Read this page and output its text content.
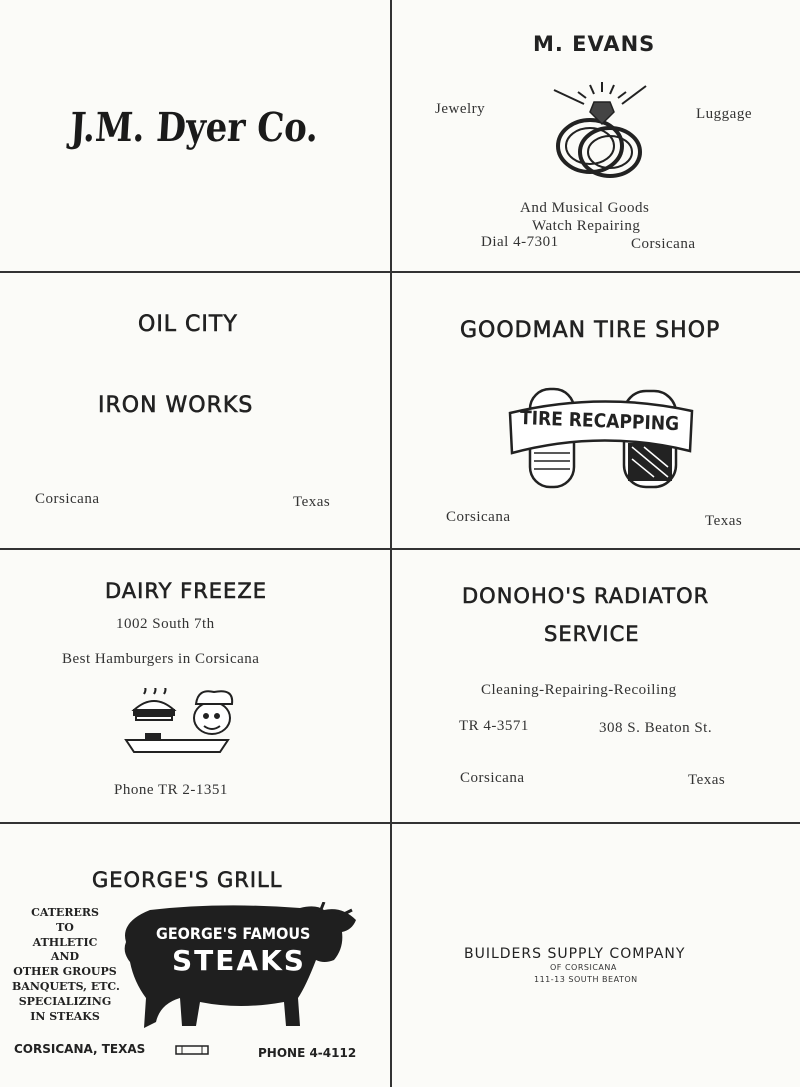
J.M. Dyer Co.
M. EVANS
Jewelry	Luggage
And Musical Goods
Watch Repairing
Dial 4-7301	Corsicana
OIL CITY
IRON WORKS
Corsicana	Texas
GOODMAN TIRE SHOP
TIRE RECAPPING
Corsicana	Texas
DAIRY FREEZE
1002 South 7th
Best Hamburgers in Corsicana
Phone TR 2-1351
DONOHO'S RADIATOR
SERVICE
Cleaning-Repairing-Recoiling
TR 4-3571	308 S. Beaton St.
Corsicana	Texas
GEORGE'S GRILL
CATERERS
TO
ATHLETIC
AND
OTHER GROUPS
BANQUETS, ETC.
SPECIALIZING
IN STEAKS
GEORGE'S FAMOUS
STEAKS
CORSICANA, TEXAS	PHONE 4-4112
BUILDERS SUPPLY COMPANY
OF CORSICANA
111-13 SOUTH BEATON
